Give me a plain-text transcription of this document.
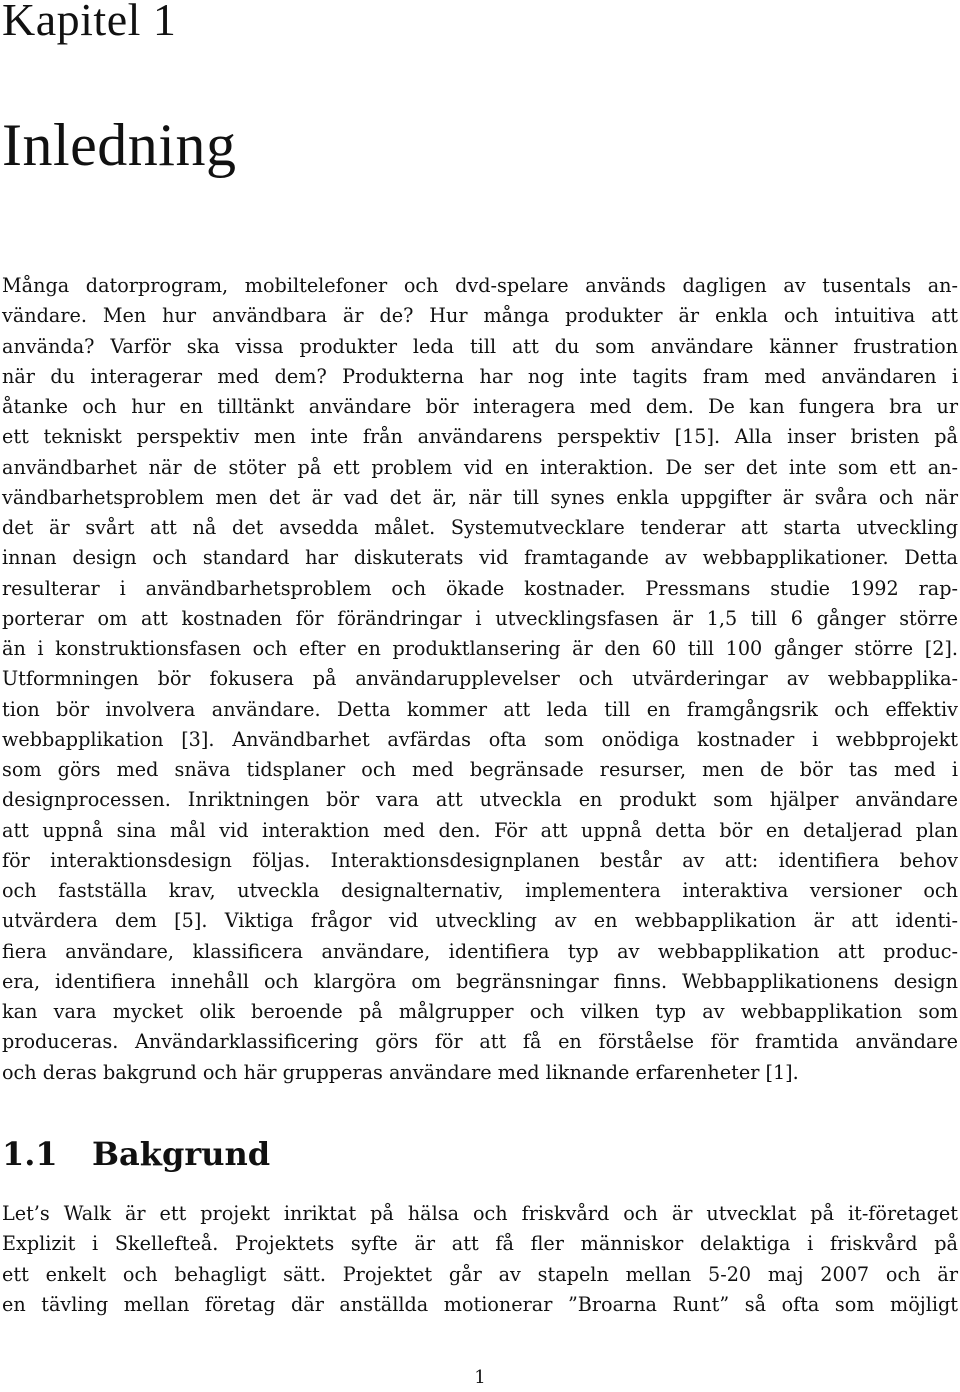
Kapitel 1
Inledning

Många datorprogram, mobiltelefoner och dvd-spelare används dagligen av tusentals an-
vändare. Men hur användbara är de? Hur många produkter är enkla och intuitiva att
använda? Varför ska vissa produkter leda till att du som användare känner frustration
när du interagerar med dem? Produkterna har nog inte tagits fram med användaren i
åtanke och hur en tilltänkt användare bör interagera med dem. De kan fungera bra ur
ett tekniskt perspektiv men inte från användarens perspektiv [15]. Alla inser bristen på
användbarhet när de stöter på ett problem vid en interaktion. De ser det inte som ett an-
vändbarhetsproblem men det är vad det är, när till synes enkla uppgifter är svåra och när
det är svårt att nå det avsedda målet. Systemutvecklare tenderar att starta utveckling
innan design och standard har diskuterats vid framtagande av webbapplikationer. Detta
resulterar i användbarhetsproblem och ökade kostnader. Pressmans studie 1992 rap-
porterar om att kostnaden för förändringar i utvecklingsfasen är 1,5 till 6 gånger större
än i konstruktionsfasen och efter en produktlansering är den 60 till 100 gånger större [2].
Utformningen bör fokusera på användarupplevelser och utvärderingar av webbapplika-
tion bör involvera användare. Detta kommer att leda till en framgångsrik och effektiv
webbapplikation [3]. Användbarhet avfärdas ofta som onödiga kostnader i webbprojekt
som görs med snäva tidsplaner och med begränsade resurser, men de bör tas med i
designprocessen. Inriktningen bör vara att utveckla en produkt som hjälper användare
att uppnå sina mål vid interaktion med den. För att uppnå detta bör en detaljerad plan
för interaktionsdesign följas. Interaktionsdesignplanen består av att: identifiera behov
och fastställa krav, utveckla designalternativ, implementera interaktiva versioner och
utvärdera dem [5]. Viktiga frågor vid utveckling av en webbapplikation är att identi-
fiera användare, klassificera användare, identifiera typ av webbapplikation att produc-
era, identifiera innehåll och klargöra om begränsningar finns. Webbapplikationens design
kan vara mycket olik beroende på målgrupper och vilken typ av webbapplikation som
produceras. Användarklassificering görs för att få en förståelse för framtida användare
och deras bakgrund och här grupperas användare med liknande erfarenheter [1].

1.1 Bakgrund

Let’s Walk är ett projekt inriktat på hälsa och friskvård och är utvecklat på it-företaget
Explizit i Skellefteå. Projektets syfte är att få fler människor delaktiga i friskvård på
ett enkelt och behagligt sätt. Projektet går av stapeln mellan 5-20 maj 2007 och är
en tävling mellan företag där anställda motionerar ”Broarna Runt” så ofta som möjligt

1
